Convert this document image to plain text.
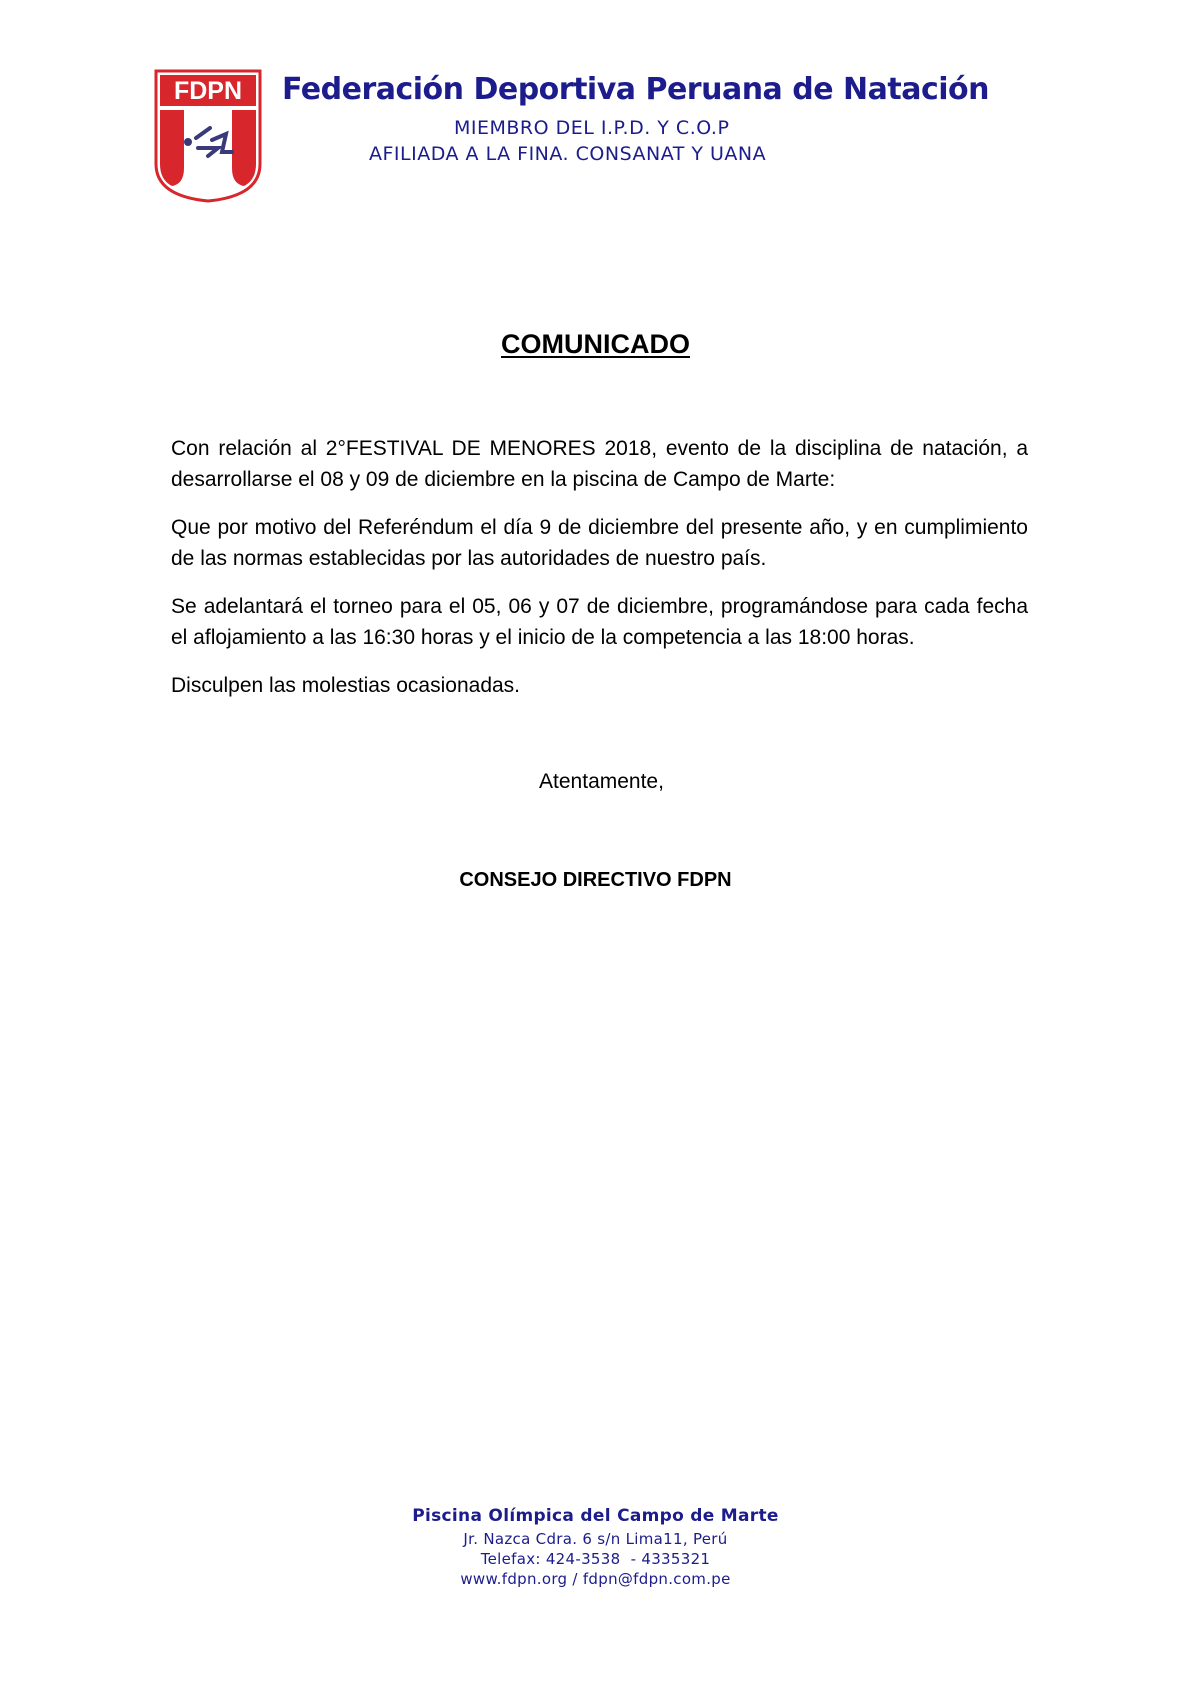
FDPN Federación Deportiva Peruana de Natación
MIEMBRO DEL I.P.D. Y C.O.P
AFILIADA A LA FINA. CONSANAT Y UANA
COMUNICADO

Con relación al 2°FESTIVAL DE MENORES 2018, evento de la disciplina de natación, a desarrollarse el 08 y 09 de diciembre en la piscina de Campo de Marte:

Que por motivo del Referéndum el día 9 de diciembre del presente año, y en cumplimiento de las normas establecidas por las autoridades de nuestro país.

Se adelantará el torneo para el 05, 06 y 07 de diciembre, programándose para cada fecha el aflojamiento a las 16:30 horas y el inicio de la competencia a las 18:00 horas.

Disculpen las molestias ocasionadas.

Atentamente,
CONSEJO DIRECTIVO FDPN
Piscina Olímpica del Campo de Marte
Jr. Nazca Cdra. 6 s/n Lima11, Perú
Telefax: 424-3538  - 4335321
www.fdpn.org / fdpn@fdpn.com.pe
